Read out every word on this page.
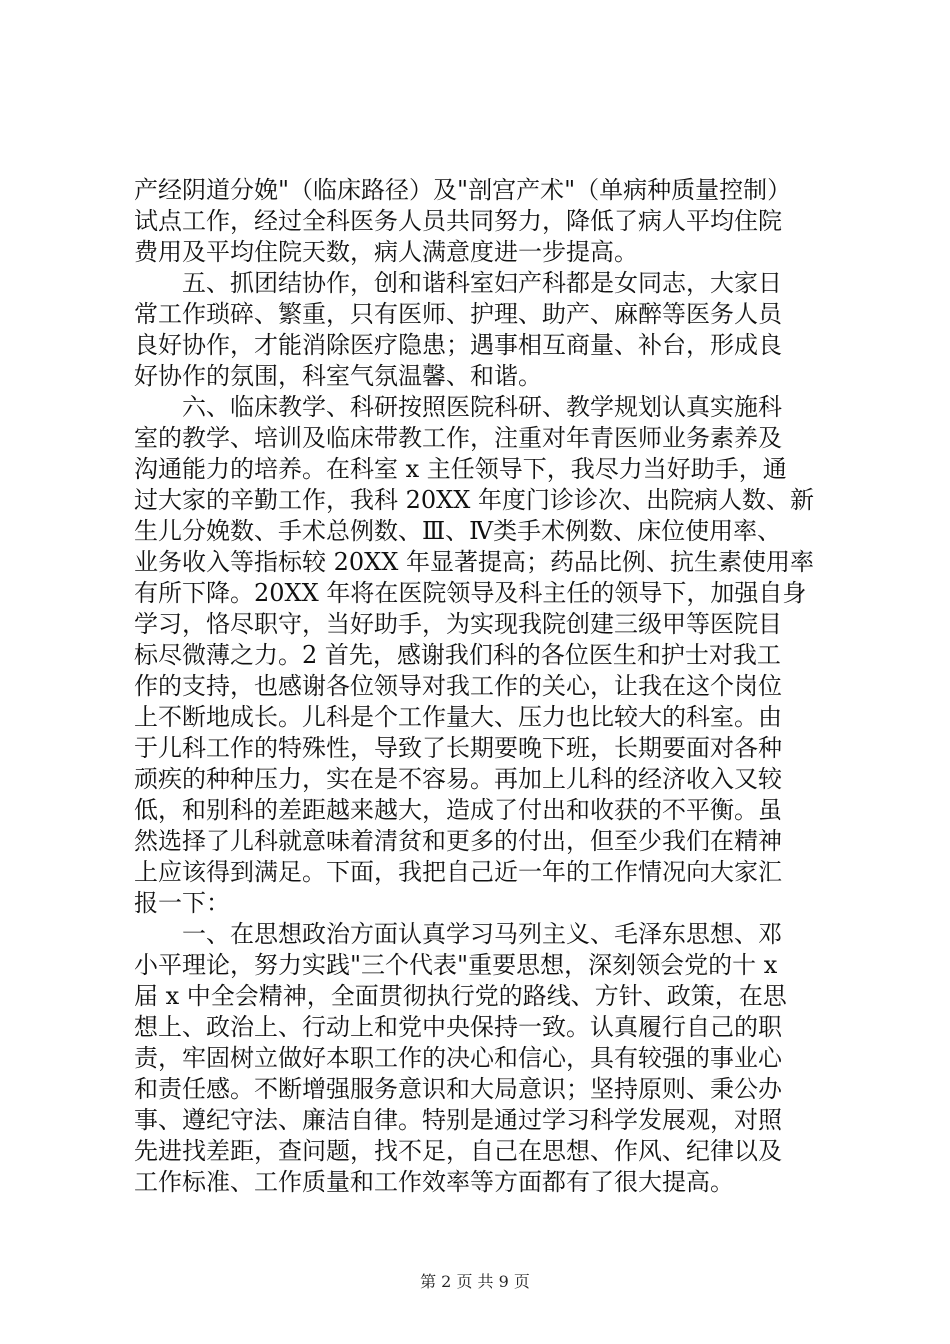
产经阴道分娩"（临床路径）及"剖宫产术"（单病种质量控制）
试点工作，经过全科医务人员共同努力，降低了病人平均住院
费用及平均住院天数，病人满意度进一步提高。
　　五、抓团结协作，创和谐科室妇产科都是女同志，大家日
常工作琐碎、繁重，只有医师、护理、助产、麻醉等医务人员
良好协作，才能消除医疗隐患；遇事相互商量、补台，形成良
好协作的氛围，科室气氛温馨、和谐。
　　六、临床教学、科研按照医院科研、教学规划认真实施科
室的教学、培训及临床带教工作，注重对年青医师业务素养及
沟通能力的培养。在科室 x 主任领导下，我尽力当好助手，通
过大家的辛勤工作，我科 20XX 年度门诊诊次、出院病人数、新
生儿分娩数、手术总例数、Ⅲ、Ⅳ类手术例数、床位使用率、
业务收入等指标较 20XX 年显著提高；药品比例、抗生素使用率
有所下降。20XX 年将在医院领导及科主任的领导下，加强自身
学习，恪尽职守，当好助手，为实现我院创建三级甲等医院目
标尽微薄之力。2 首先，感谢我们科的各位医生和护士对我工
作的支持，也感谢各位领导对我工作的关心，让我在这个岗位
上不断地成长。儿科是个工作量大、压力也比较大的科室。由
于儿科工作的特殊性，导致了长期要晚下班，长期要面对各种
顽疾的种种压力，实在是不容易。再加上儿科的经济收入又较
低，和别科的差距越来越大，造成了付出和收获的不平衡。虽
然选择了儿科就意味着清贫和更多的付出，但至少我们在精神
上应该得到满足。下面，我把自己近一年的工作情况向大家汇
报一下：
　　一、在思想政治方面认真学习马列主义、毛泽东思想、邓
小平理论，努力实践"三个代表"重要思想，深刻领会党的十 x
届 x 中全会精神，全面贯彻执行党的路线、方针、政策，在思
想上、政治上、行动上和党中央保持一致。认真履行自己的职
责，牢固树立做好本职工作的决心和信心，具有较强的事业心
和责任感。不断增强服务意识和大局意识；坚持原则、秉公办
事、遵纪守法、廉洁自律。特别是通过学习科学发展观，对照
先进找差距，查问题，找不足，自己在思想、作风、纪律以及
工作标准、工作质量和工作效率等方面都有了很大提高。
第 2 页 共 9 页
